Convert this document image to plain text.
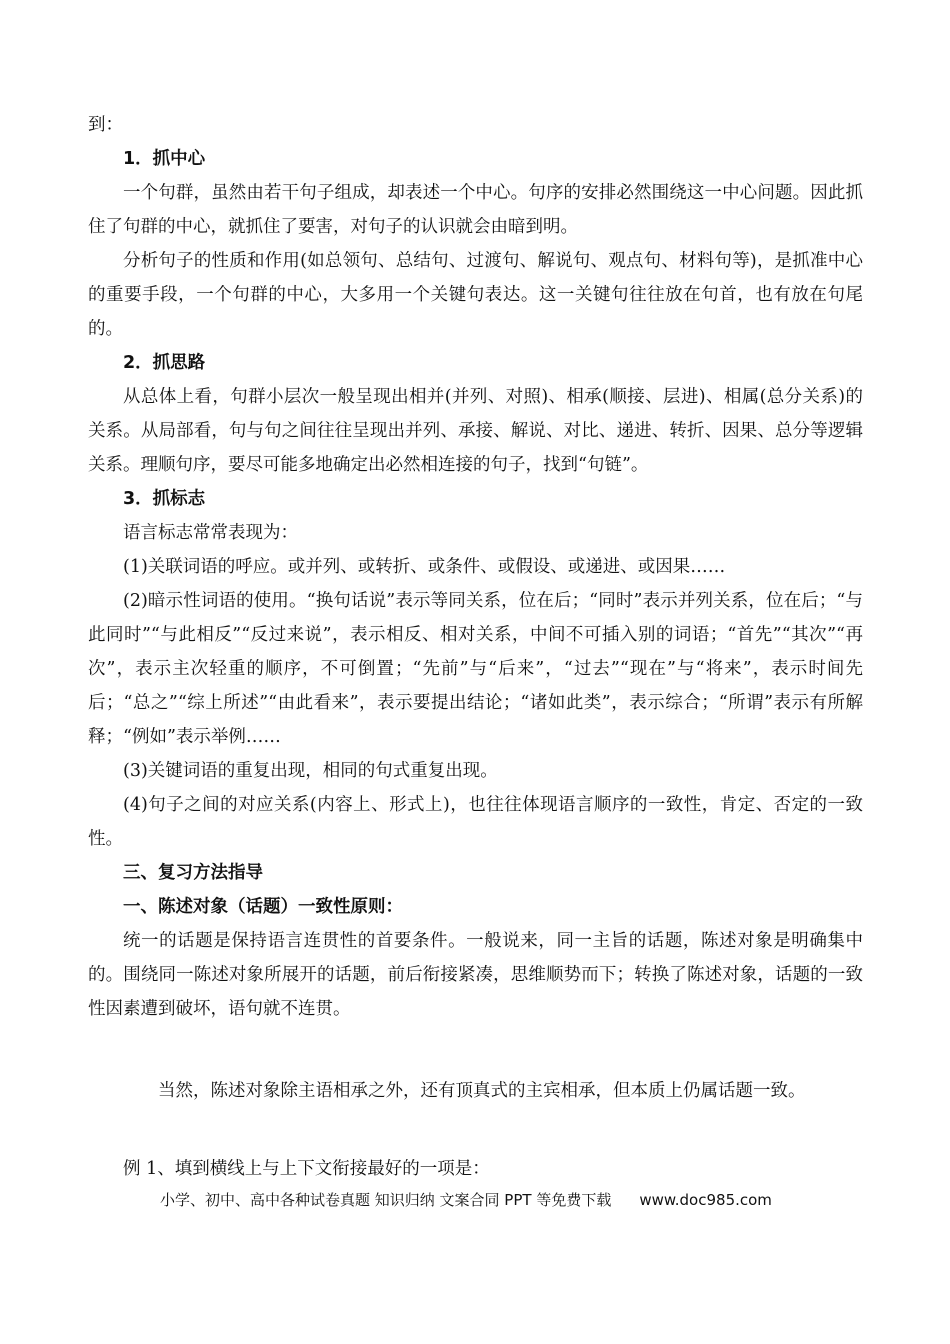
到：

1．抓中心

一个句群，虽然由若干句子组成，却表述一个中心。句序的安排必然围绕这一中心问题。因此抓住了句群的中心，就抓住了要害，对句子的认识就会由暗到明。

分析句子的性质和作用(如总领句、总结句、过渡句、解说句、观点句、材料句等)，是抓准中心的重要手段，一个句群的中心，大多用一个关键句表达。这一关键句往往放在句首，也有放在句尾的。

2．抓思路

从总体上看，句群小层次一般呈现出相并(并列、对照)、相承(顺接、层进)、相属(总分关系)的关系。从局部看，句与句之间往往呈现出并列、承接、解说、对比、递进、转折、因果、总分等逻辑关系。理顺句序，要尽可能多地确定出必然相连接的句子，找到“句链”。

3．抓标志

语言标志常常表现为：

(1)关联词语的呼应。或并列、或转折、或条件、或假设、或递进、或因果……

(2)暗示性词语的使用。“换句话说”表示等同关系，位在后；“同时”表示并列关系，位在后；“与此同时”“与此相反”“反过来说”，表示相反、相对关系，中间不可插入别的词语；“首先”“其次”“再次”，表示主次轻重的顺序，不可倒置；“先前”与“后来”，“过去”“现在”与“将来”，表示时间先后；“总之”“综上所述”“由此看来”，表示要提出结论；“诸如此类”，表示综合；“所谓”表示有所解释；“例如”表示举例……

(3)关键词语的重复出现，相同的句式重复出现。

(4)句子之间的对应关系(内容上、形式上)，也往往体现语言顺序的一致性，肯定、否定的一致性。

三、复习方法指导

一、陈述对象（话题）一致性原则：

统一的话题是保持语言连贯性的首要条件。一般说来，同一主旨的话题，陈述对象是明确集中的。围绕同一陈述对象所展开的话题，前后衔接紧凑，思维顺势而下；转换了陈述对象，话题的一致性因素遭到破坏，语句就不连贯。

当然，陈述对象除主语相承之外，还有顶真式的主宾相承，但本质上仍属话题一致。

例 1、填到横线上与上下文衔接最好的一项是：

小学、初中、高中各种试卷真题 知识归纳 文案合同 PPT 等免费下载 www.doc985.com
